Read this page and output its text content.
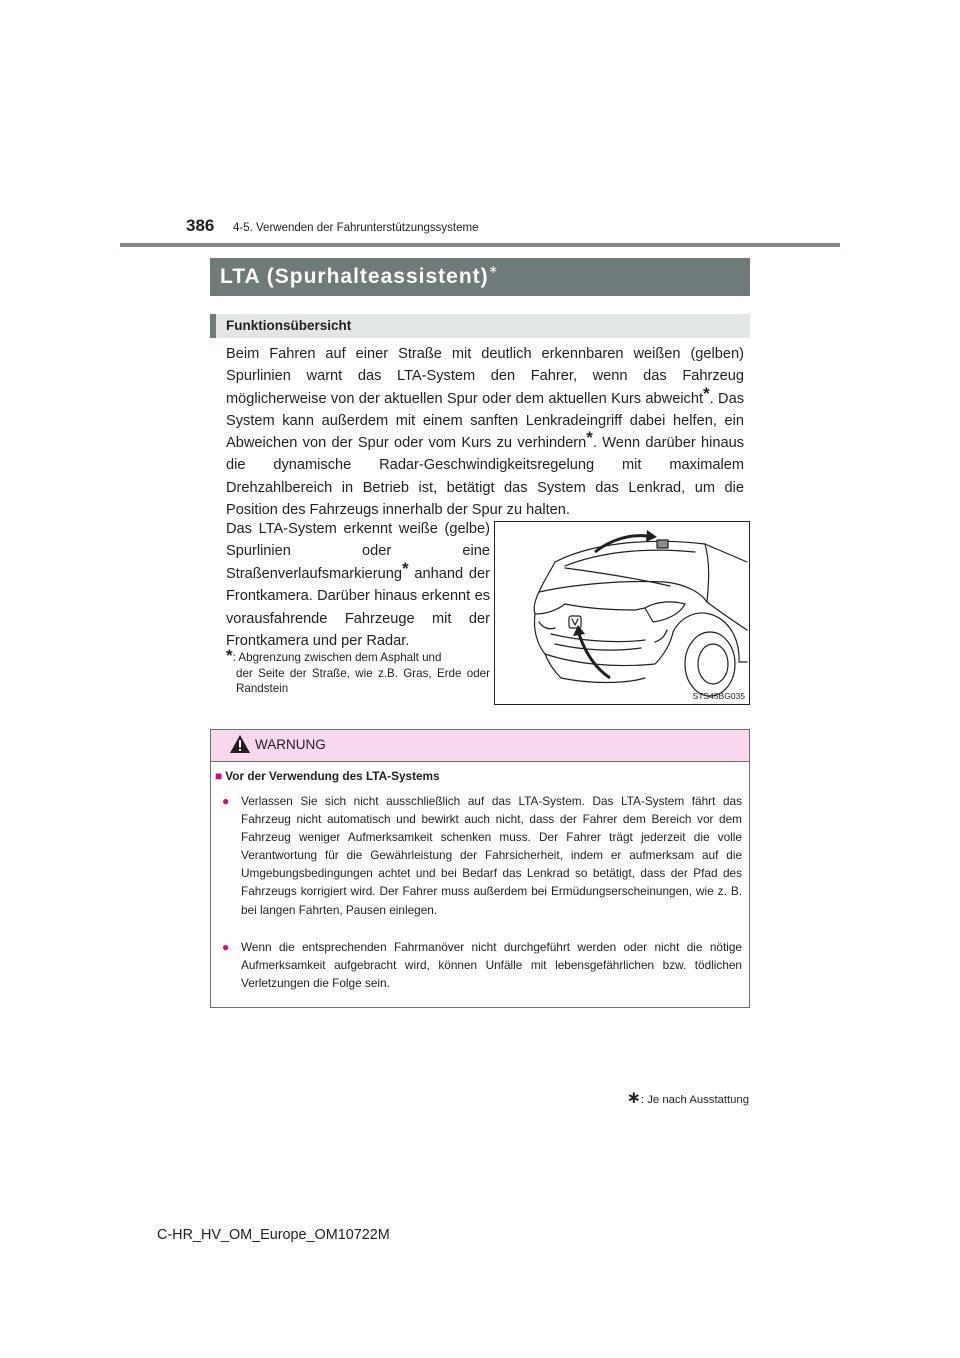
386 4-5. Verwenden der Fahrunterstützungssysteme
LTA (Spurhalteassistent)∗
Funktionsübersicht
Beim Fahren auf einer Straße mit deutlich erkennbaren weißen (gelben) Spurlinien warnt das LTA-System den Fahrer, wenn das Fahrzeug möglicherweise von der aktuellen Spur oder dem aktuellen Kurs abweicht*. Das System kann außerdem mit einem sanften Lenkradeingriff dabei helfen, ein Abweichen von der Spur oder vom Kurs zu verhindern*. Wenn darüber hinaus die dynamische Radar-Geschwindigkeitsregelung mit maximalem Drehzahlbereich in Betrieb ist, betätigt das System das Lenkrad, um die Position des Fahrzeugs innerhalb der Spur zu halten.
Das LTA-System erkennt weiße (gelbe) Spurlinien oder eine Straßenverlaufsmarkierung* anhand der Frontkamera. Darüber hinaus erkennt es vorausfahrende Fahrzeuge mit der Frontkamera und per Radar.
*: Abgrenzung zwischen dem Asphalt und
der Seite der Straße, wie z.B. Gras, Erde oder Randstein
STS45BG035
WARNUNG
■ Vor der Verwendung des LTA-Systems
● Verlassen Sie sich nicht ausschließlich auf das LTA-System. Das LTA-System fährt das Fahrzeug nicht automatisch und bewirkt auch nicht, dass der Fahrer dem Bereich vor dem Fahrzeug weniger Aufmerksamkeit schenken muss. Der Fahrer trägt jederzeit die volle Verantwortung für die Gewährleistung der Fahrsicherheit, indem er aufmerksam auf die Umgebungsbedingungen achtet und bei Bedarf das Lenkrad so betätigt, dass der Pfad des Fahrzeugs korrigiert wird. Der Fahrer muss außerdem bei Ermüdungserscheinungen, wie z. B. bei langen Fahrten, Pausen einlegen.
● Wenn die entsprechenden Fahrmanöver nicht durchgeführt werden oder nicht die nötige Aufmerksamkeit aufgebracht wird, können Unfälle mit lebensgefährlichen bzw. tödlichen Verletzungen die Folge sein.
∗: Je nach Ausstattung
C-HR_HV_OM_Europe_OM10722M
